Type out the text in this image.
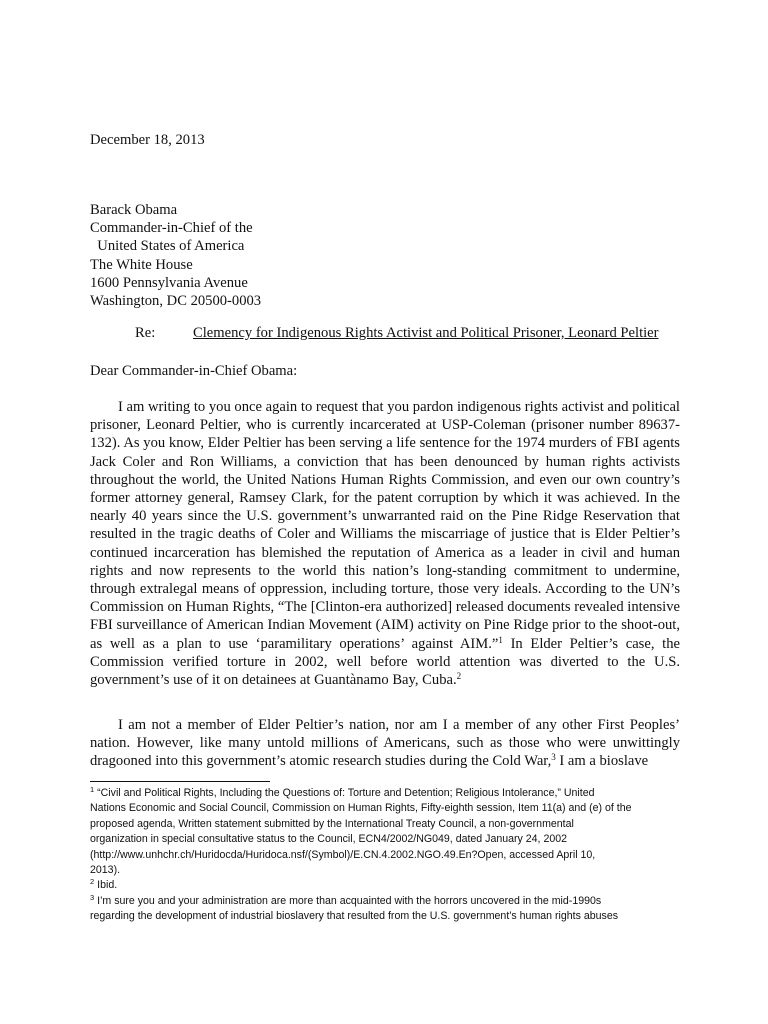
December 18, 2013
Barack Obama
Commander-in-Chief of the
United States of America
The White House
1600 Pennsylvania Avenue
Washington, DC 20500-0003
Re:	Clemency for Indigenous Rights Activist and Political Prisoner, Leonard Peltier
Dear Commander-in-Chief Obama:
I am writing to you once again to request that you pardon indigenous rights activist and political prisoner, Leonard Peltier, who is currently incarcerated at USP-Coleman (prisoner number 89637-132). As you know, Elder Peltier has been serving a life sentence for the 1974 murders of FBI agents Jack Coler and Ron Williams, a conviction that has been denounced by human rights activists throughout the world, the United Nations Human Rights Commission, and even our own country’s former attorney general, Ramsey Clark, for the patent corruption by which it was achieved. In the nearly 40 years since the U.S. government’s unwarranted raid on the Pine Ridge Reservation that resulted in the tragic deaths of Coler and Williams the miscarriage of justice that is Elder Peltier’s continued incarceration has blemished the reputation of America as a leader in civil and human rights and now represents to the world this nation’s long-standing commitment to undermine, through extralegal means of oppression, including torture, those very ideals. According to the UN’s Commission on Human Rights, “The [Clinton-era authorized] released documents revealed intensive FBI surveillance of American Indian Movement (AIM) activity on Pine Ridge prior to the shoot-out, as well as a plan to use ‘paramilitary operations’ against AIM.”$^1$ In Elder Peltier’s case, the Commission verified torture in 2002, well before world attention was diverted to the U.S. government’s use of it on detainees at Guantànamo Bay, Cuba.$^2$
I am not a member of Elder Peltier’s nation, nor am I a member of any other First Peoples’ nation. However, like many untold millions of Americans, such as those who were unwittingly dragooned into this government’s atomic research studies during the Cold War,$^3$ I am a bioslave
$^1$ “Civil and Political Rights, Including the Questions of: Torture and Detention; Religious Intolerance,” United
Nations Economic and Social Council, Commission on Human Rights, Fifty-eighth session, Item 11(a) and (e) of the
proposed agenda, Written statement submitted by the International Treaty Council, a non-governmental
organization in special consultative status to the Council, ECN4/2002/NG049, dated January 24, 2002
(http://www.unhchr.ch/Huridocda/Huridoca.nsf/(Symbol)/E.CN.4.2002.NGO.49.En?Open, accessed April 10,
2013).
$^2$ Ibid.
$^3$ I’m sure you and your administration are more than acquainted with the horrors uncovered in the mid-1990s
regarding the development of industrial bioslavery that resulted from the U.S. government’s human rights abuses
